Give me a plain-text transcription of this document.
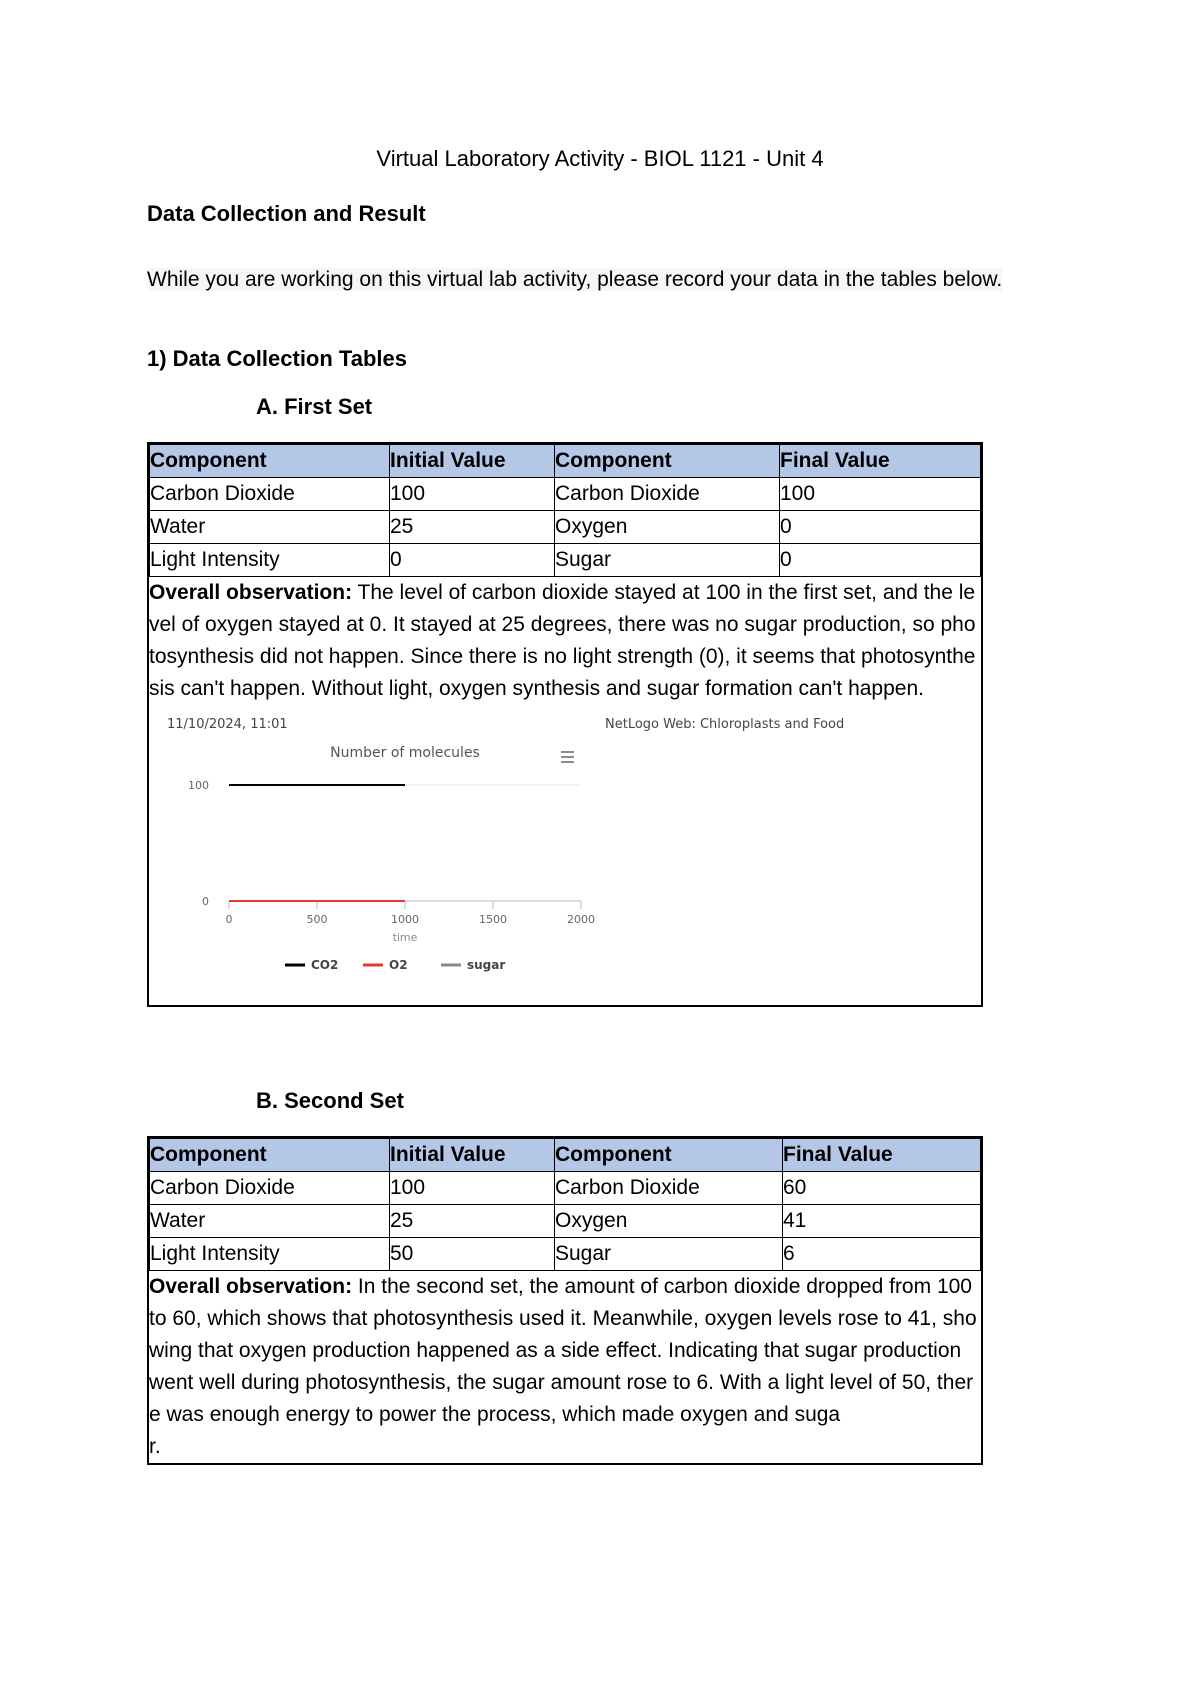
Virtual Laboratory Activity - BIOL 1121 - Unit 4
Data Collection and Result

While you are working on this virtual lab activity, please record your data in the tables below.

1) Data Collection Tables
A. First Set
Component	Initial Value	Component	Final Value
Carbon Dioxide	100	Carbon Dioxide	100
Water	25	Oxygen	0
Light Intensity	0	Sugar	0

Overall observation: The level of carbon dioxide stayed at 100 in the first set, and the level of oxygen stayed at 0. It stayed at 25 degrees, there was no sugar production, so photosynthesis did not happen. Since there is no light strength (0), it seems that photosynthesis can't happen. Without light, oxygen synthesis and sugar formation can't happen.

11/10/2024, 11:01	NetLogo Web: Chloroplasts and Food
Number of molecules
0
100
0	500	1000	1500	2000
time
CO2	O2	sugar
B. Second Set
Component	Initial Value	Component	Final Value
Carbon Dioxide	100	Carbon Dioxide	60
Water	25	Oxygen	41
Light Intensity	50	Sugar	6

Overall observation: In the second set, the amount of carbon dioxide dropped from 100 to 60, which shows that photosynthesis used it. Meanwhile, oxygen levels rose to 41, showing that oxygen production happened as a side effect. Indicating that sugar production went well during photosynthesis, the sugar amount rose to 6. With a light level of 50, there was enough energy to power the process, which made oxygen and suga
r.
